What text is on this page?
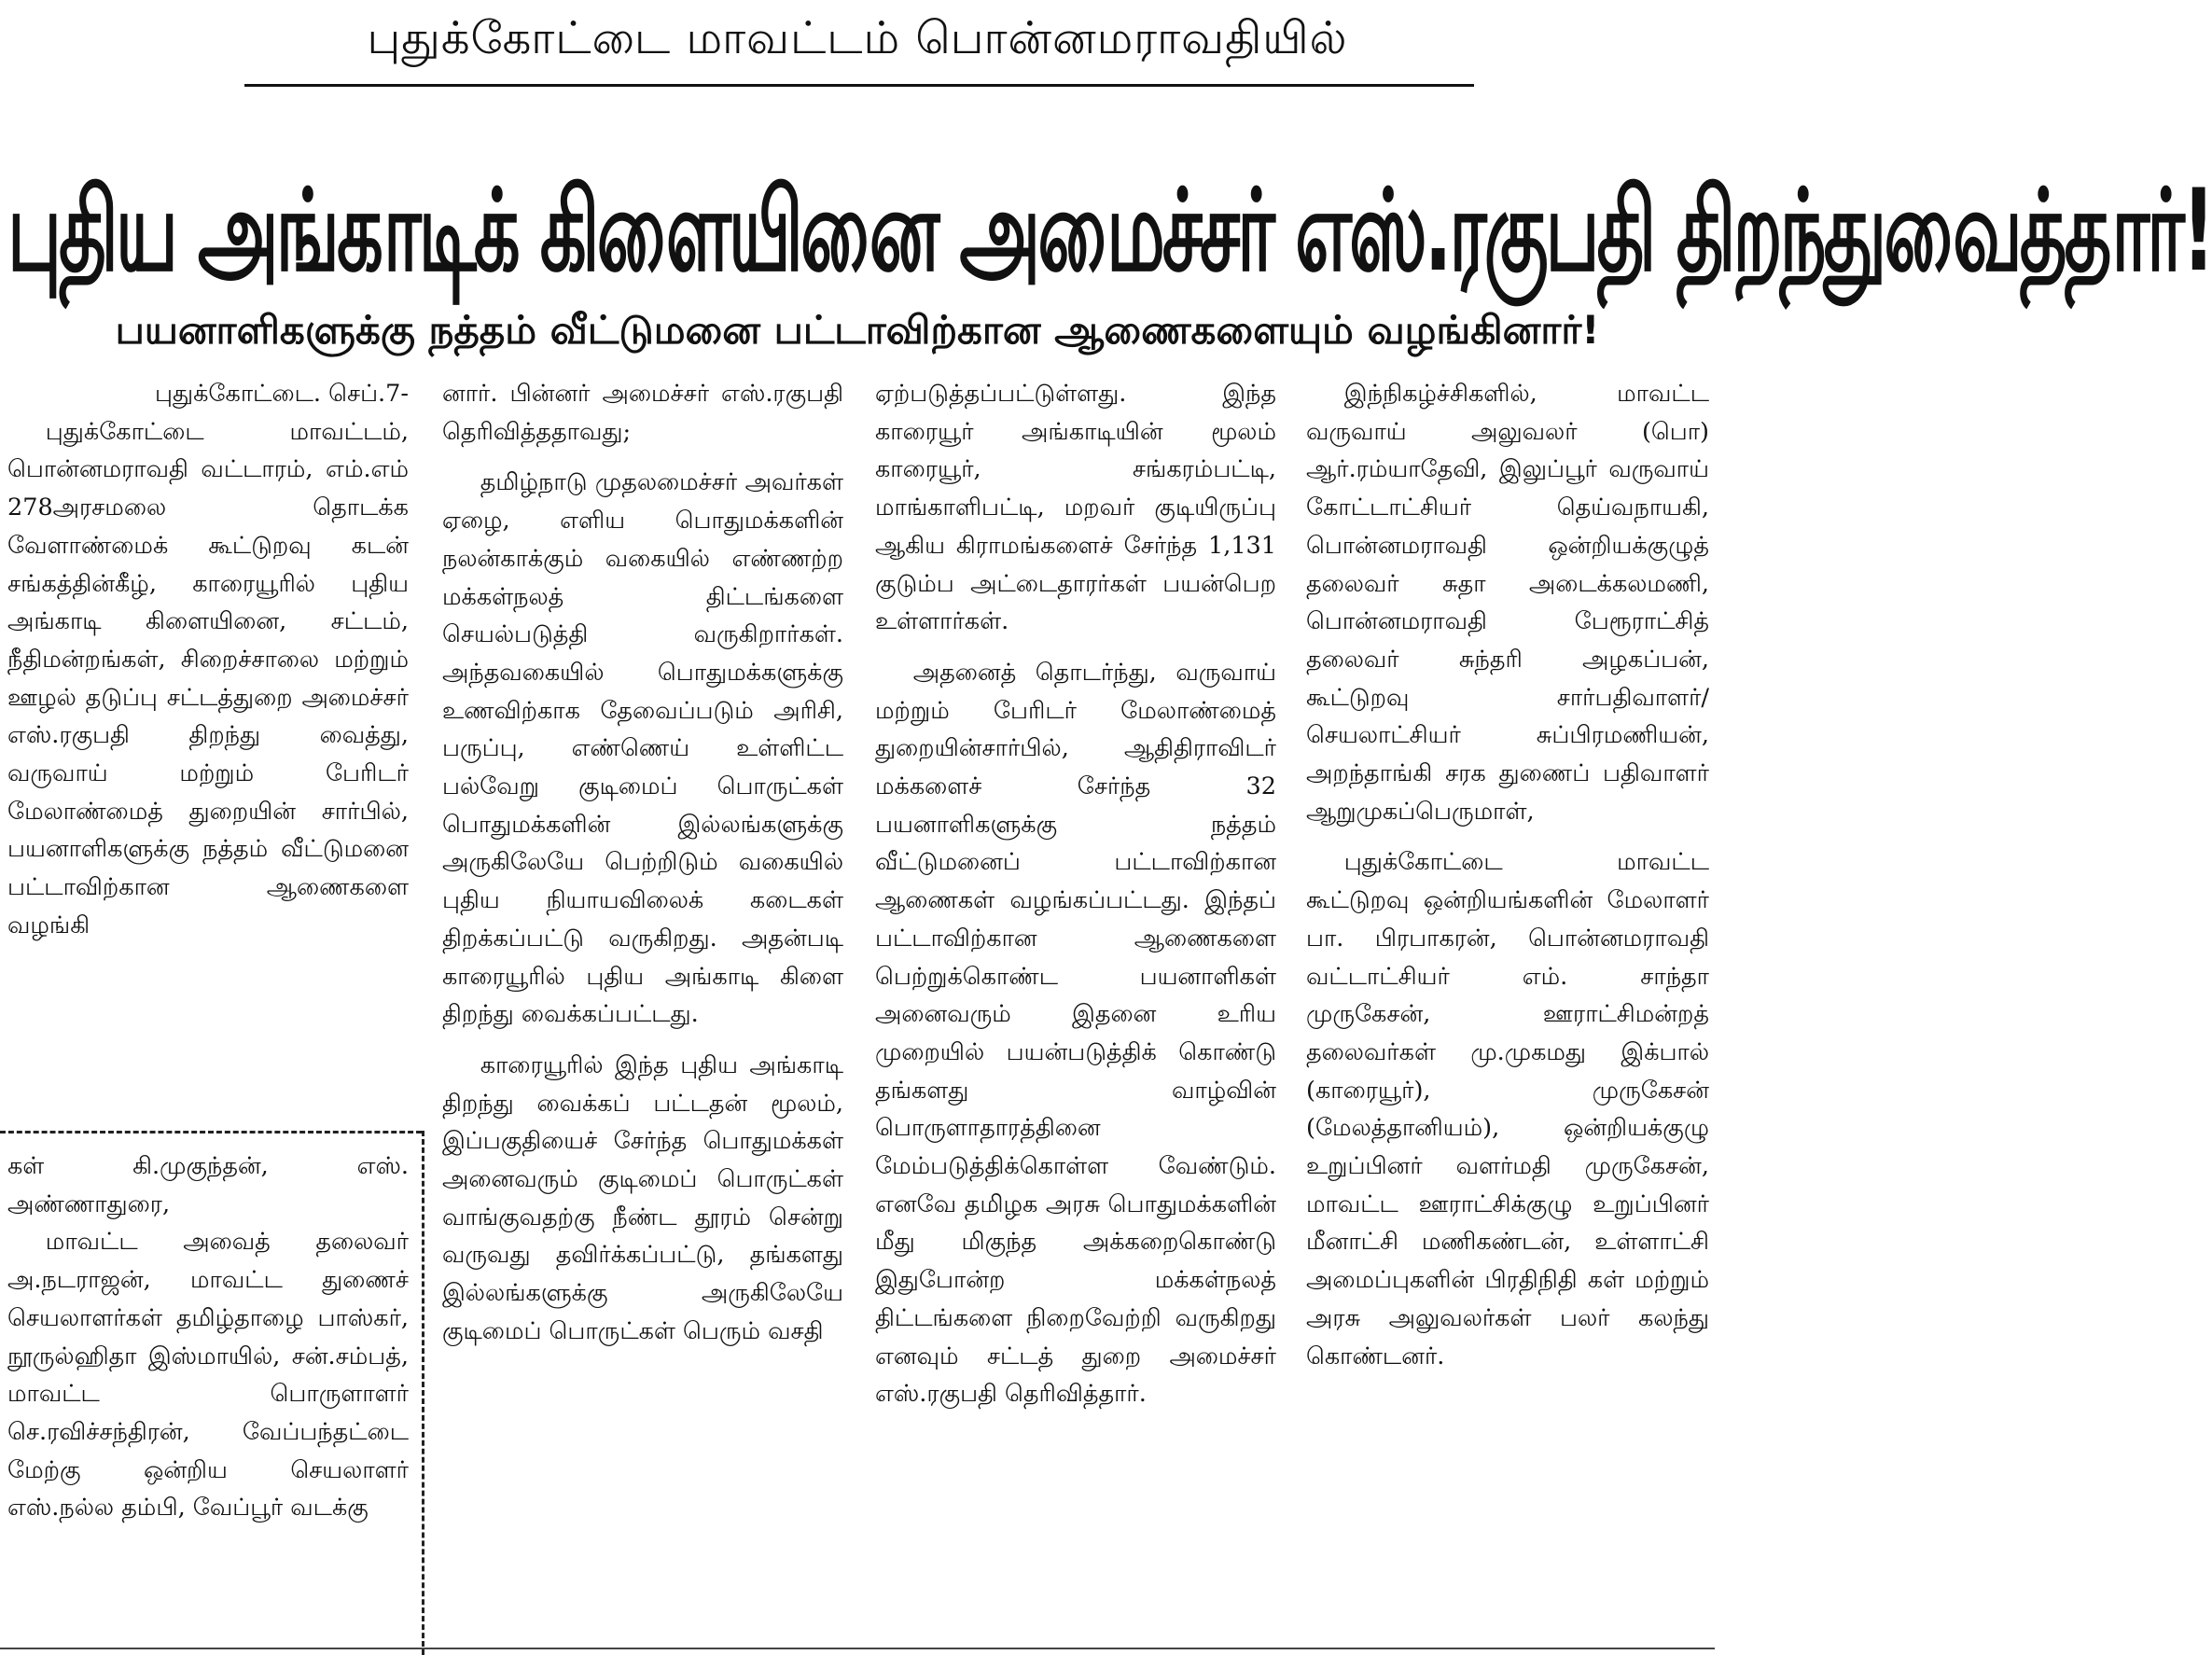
புதுக்கோட்டை மாவட்டம் பொன்னமராவதியில்
புதிய அங்காடிக் கிளையினை அமைச்சர் எஸ்.ரகுபதி திறந்துவைத்தார்!
பயனாளிகளுக்கு நத்தம் வீட்டுமனை பட்டாவிற்கான ஆணைகளையும் வழங்கினார்!

புதுக்கோட்டை. செப்.7-

புதுக்கோட்டை மாவட்டம், பொன்னமராவதி வட்டாரம், எம்.எம் 278அரசமலை தொடக்க வேளாண்மைக் கூட்டுறவு கடன் சங்கத்தின்கீழ், காரையூரில் புதிய அங்காடி கிளையினை, சட்டம், நீதிமன்றங்கள், சிறைச்சாலை மற்றும் ஊழல் தடுப்பு சட்டத்துறை அமைச்சர் எஸ்.ரகுபதி திறந்து வைத்து, வருவாய் மற்றும் பேரிடர் மேலாண்மைத் துறையின் சார்பில், பயனாளிகளுக்கு நத்தம் வீட்டுமனை பட்டாவிற்கான ஆணைகளை வழங்கி

கள் கி.முகுந்தன், எஸ். அண்ணாதுரை,

மாவட்ட அவைத் தலைவர் அ.நடராஜன், மாவட்ட துணைச் செயலாளர்கள் தமிழ்தாழை பாஸ்கர், நூருல்ஹிதா இஸ்மாயில், சன்.சம்பத், மாவட்ட பொருளாளர் செ.ரவிச்சந்திரன், வேப்பந்தட்டை மேற்கு ஒன்றிய செயலாளர் எஸ்.நல்ல தம்பி, வேப்பூர் வடக்கு

னார். பின்னர் அமைச்சர் எஸ்.ரகுபதி தெரிவித்ததாவது;

தமிழ்நாடு முதலமைச்சர் அவர்கள் ஏழை, எளிய பொதுமக்களின் நலன்காக்கும் வகையில் எண்ணற்ற மக்கள்நலத் திட்டங்களை செயல்படுத்தி வருகிறார்கள். அந்தவகையில் பொதுமக்களுக்கு உணவிற்காக தேவைப்படும் அரிசி, பருப்பு, எண்ணெய் உள்ளிட்ட பல்வேறு குடிமைப் பொருட்கள் பொதுமக்களின் இல்லங்களுக்கு அருகிலேயே பெற்றிடும் வகையில் புதிய நியாயவிலைக் கடைகள் திறக்கப்பட்டு வருகிறது. அதன்படி காரையூரில் புதிய அங்காடி கிளை திறந்து வைக்கப்பட்டது.

காரையூரில் இந்த புதிய அங்காடி திறந்து வைக்கப் பட்டதன் மூலம், இப்பகுதியைச் சேர்ந்த பொதுமக்கள் அனைவரும் குடிமைப் பொருட்கள் வாங்குவதற்கு நீண்ட தூரம் சென்று வருவது தவிர்க்கப்பட்டு, தங்களது இல்லங்களுக்கு அருகிலேயே குடிமைப் பொருட்கள் பெரும் வசதி

ஏற்படுத்தப்பட்டுள்ளது. இந்த காரையூர் அங்காடியின் மூலம் காரையூர், சங்கரம்பட்டி, மாங்காளிபட்டி, மறவர் குடியிருப்பு ஆகிய கிராமங்களைச் சேர்ந்த 1,131 குடும்ப அட்டைதாரர்கள் பயன்பெற உள்ளார்கள்.

அதனைத் தொடர்ந்து, வருவாய் மற்றும் பேரிடர் மேலாண்மைத் துறையின்சார்பில், ஆதிதிராவிடர் மக்களைச் சேர்ந்த 32 பயனாளிகளுக்கு நத்தம் வீட்டுமனைப் பட்டாவிற்கான ஆணைகள் வழங்கப்பட்டது. இந்தப் பட்டாவிற்கான ஆணைகளை பெற்றுக்கொண்ட பயனாளிகள் அனைவரும் இதனை உரிய முறையில் பயன்படுத்திக் கொண்டு தங்களது வாழ்வின் பொருளாதாரத்தினை மேம்படுத்திக்கொள்ள வேண்டும். எனவே தமிழக அரசு பொதுமக்களின் மீது மிகுந்த அக்கறைகொண்டு இதுபோன்ற மக்கள்நலத் திட்டங்களை நிறைவேற்றி வருகிறது எனவும் சட்டத் துறை அமைச்சர் எஸ்.ரகுபதி தெரிவித்தார்.

இந்நிகழ்ச்சிகளில், மாவட்ட வருவாய் அலுவலர் (பொ) ஆர்.ரம்யாதேவி, இலுப்பூர் வருவாய் கோட்டாட்சியர் தெய்வநாயகி, பொன்னமராவதி ஒன்றியக்குழுத் தலைவர் சுதா அடைக்கலமணி, பொன்னமராவதி பேரூராட்சித் தலைவர் சுந்தரி அழகப்பன், கூட்டுறவு சார்பதிவாளர்/ செயலாட்சியர் சுப்பிரமணியன், அறந்தாங்கி சரக துணைப் பதிவாளர் ஆறுமுகப்பெருமாள்,

புதுக்கோட்டை மாவட்ட கூட்டுறவு ஒன்றியங்களின் மேலாளர் பா. பிரபாகரன், பொன்னமராவதி வட்டாட்சியர் எம். சாந்தா முருகேசன், ஊராட்சிமன்றத் தலைவர்கள் மு.முகமது இக்பால் (காரையூர்), முருகேசன் (மேலத்தானியம்), ஒன்றியக்குழு உறுப்பினர் வளர்மதி முருகேசன், மாவட்ட ஊராட்சிக்குழு உறுப்பினர் மீனாட்சி மணிகண்டன், உள்ளாட்சி அமைப்புகளின் பிரதிநிதி கள் மற்றும் அரசு அலுவலர்கள் பலர் கலந்து கொண்டனர்.
